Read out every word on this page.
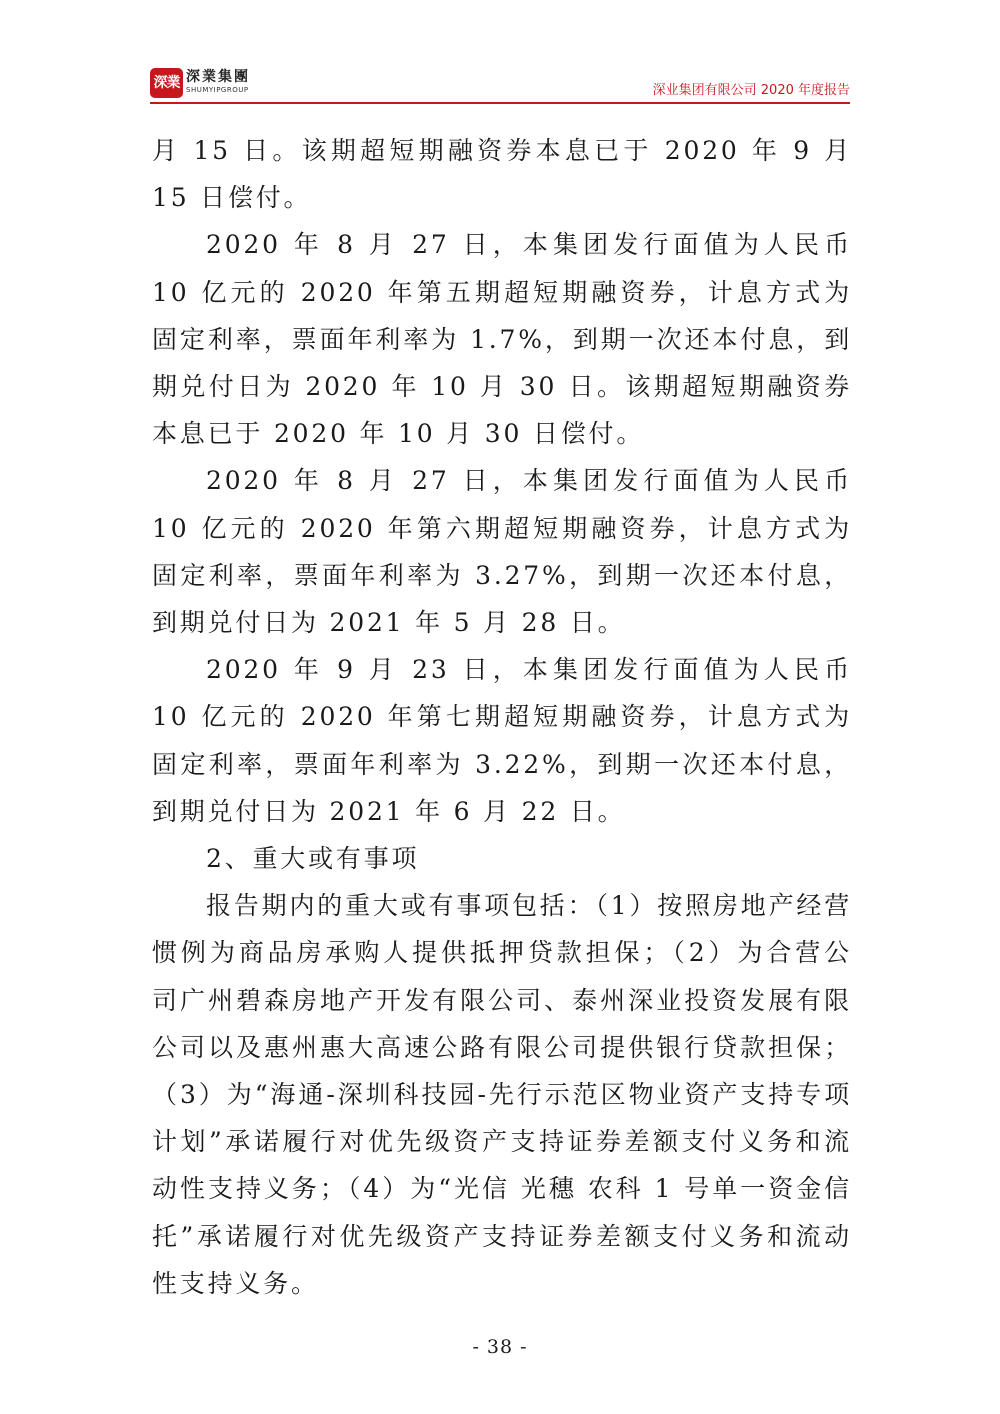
深業 深業集團
SHUMYIPGROUP	深业集团有限公司 2020 年度报告

月 15 日。该期超短期融资券本息已于 2020 年 9 月 15 日偿付。

2020 年 8 月 27 日，本集团发行面值为人民币 10 亿元的 2020 年第五期超短期融资券，计息方式为固定利率，票面年利率为 1.7%，到期一次还本付息，到期兑付日为 2020 年 10 月 30 日。该期超短期融资券本息已于 2020 年 10 月 30 日偿付。

2020 年 8 月 27 日，本集团发行面值为人民币 10 亿元的 2020 年第六期超短期融资券，计息方式为固定利率，票面年利率为 3.27%，到期一次还本付息，到期兑付日为 2021 年 5 月 28 日。

2020 年 9 月 23 日，本集团发行面值为人民币 10 亿元的 2020 年第七期超短期融资券，计息方式为固定利率，票面年利率为 3.22%，到期一次还本付息，到期兑付日为 2021 年 6 月 22 日。

2、重大或有事项

报告期内的重大或有事项包括：（1）按照房地产经营惯例为商品房承购人提供抵押贷款担保；（2）为合营公司广州碧森房地产开发有限公司、泰州深业投资发展有限公司以及惠州惠大高速公路有限公司提供银行贷款担保；（3）为“海通-深圳科技园-先行示范区物业资产支持专项计划”承诺履行对优先级资产支持证券差额支付义务和流动性支持义务；（4）为“光信 光穗 农科 1 号单一资金信托”承诺履行对优先级资产支持证券差额支付义务和流动性支持义务。

- 38 -
